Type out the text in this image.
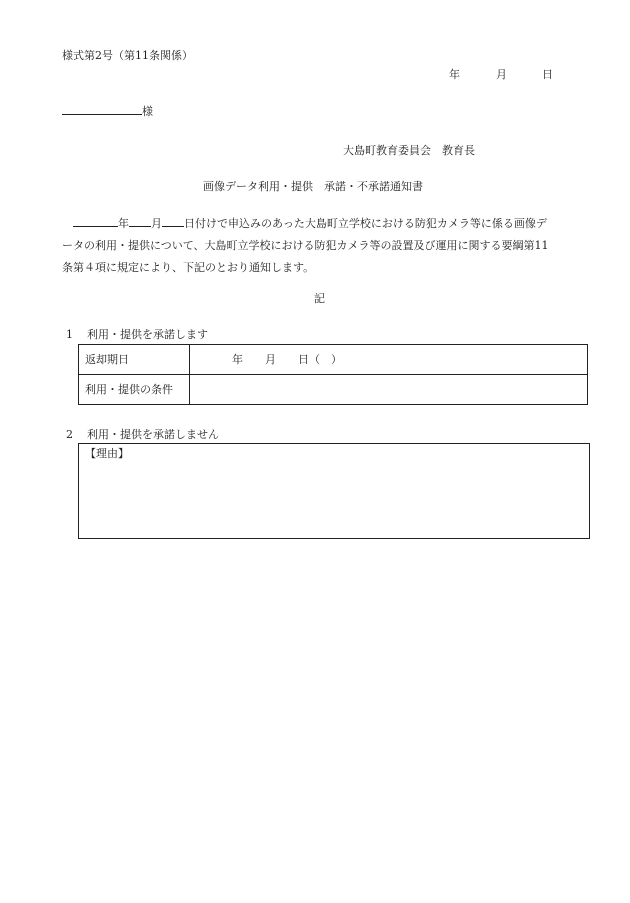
様式第2号（第11条関係）
年	月	日
様
大島町教育委員会　教育長
画像データ利用・提供　承諾・不承諾通知書
年 月 日付けで申込みのあった大島町立学校における防犯カメラ等に係る画像デ
ータの利用・提供について、大島町立学校における防犯カメラ等の設置及び運用に関する要綱第11
条第４項に規定により、下記のとおり通知します。
記
1 利用・提供を承諾します
返却期日	年　　月　　日（　）
利用・提供の条件	
2 利用・提供を承諾しません
【理由】
